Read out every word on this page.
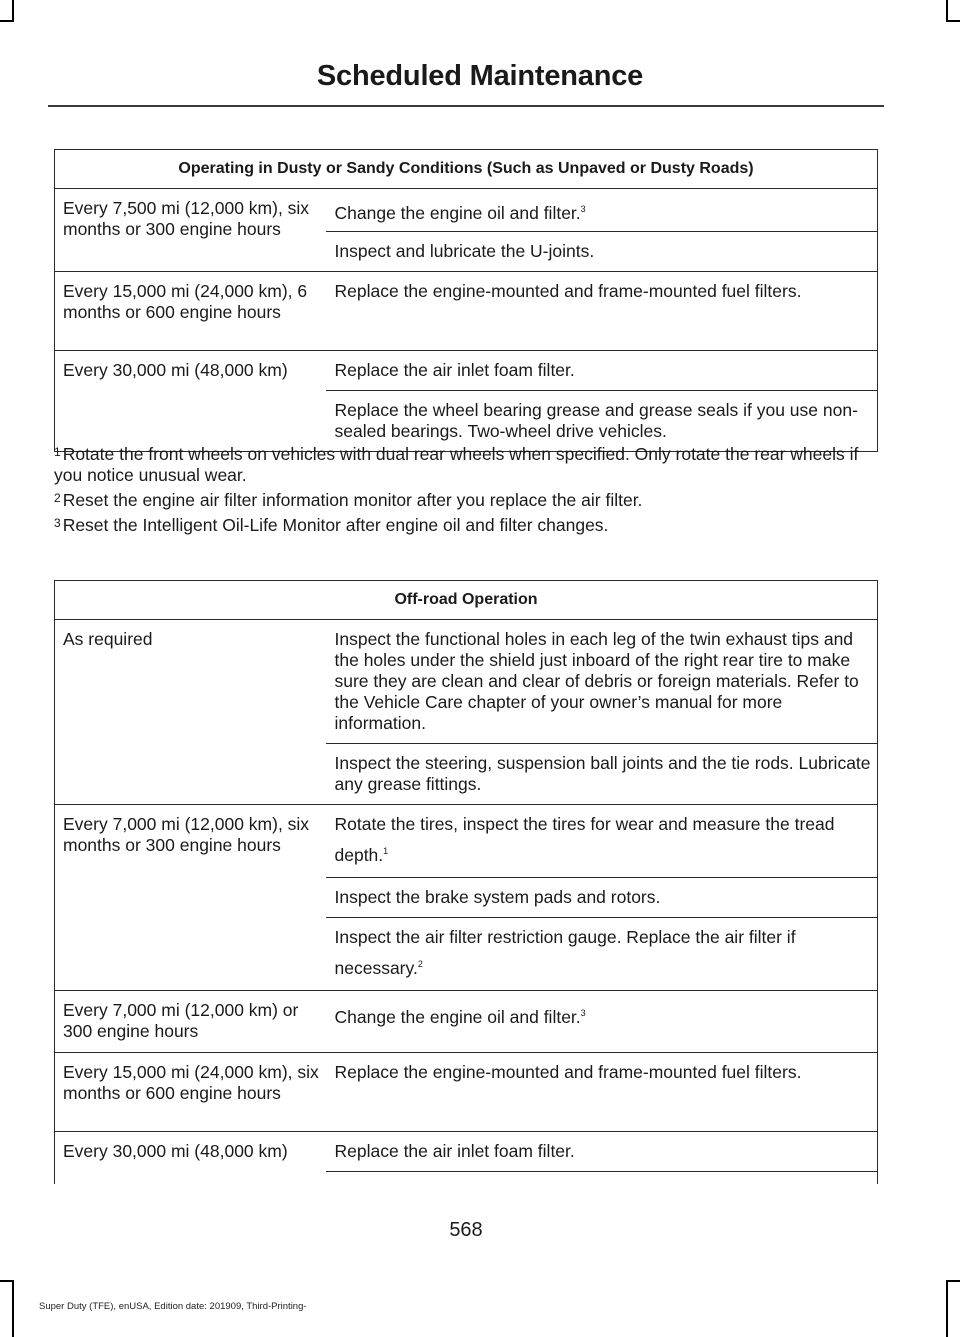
Scheduled Maintenance
Operating in Dusty or Sandy Conditions (Such as Unpaved or Dusty Roads)	
Every 7,500 mi (12,000 km), six months or 300 engine hours	Change the engine oil and filter.$^3$
	Inspect and lubricate the U-joints.
Every 15,000 mi (24,000 km), 6 months or 600 engine hours	Replace the engine-mounted and frame-mounted fuel filters.
Every 30,000 mi (48,000 km)	Replace the air inlet foam filter.
	Replace the wheel bearing grease and grease seals if you use non-sealed bearings. Two-wheel drive vehicles.
$^1$ Rotate the front wheels on vehicles with dual rear wheels when specified. Only rotate the rear wheels if you notice unusual wear.
$^2$ Reset the engine air filter information monitor after you replace the air filter.
$^3$ Reset the Intelligent Oil-Life Monitor after engine oil and filter changes.
Off-road Operation	
As required	Inspect the functional holes in each leg of the twin exhaust tips and the holes under the shield just inboard of the right rear tire to make sure they are clean and clear of debris or foreign materials. Refer to the Vehicle Care chapter of your owner’s manual for more information.
	Inspect the steering, suspension ball joints and the tie rods. Lubricate any grease fittings.
Every 7,000 mi (12,000 km), six months or 300 engine hours	Rotate the tires, inspect the tires for wear and measure the tread depth.$^1$
	Inspect the brake system pads and rotors.
	Inspect the air filter restriction gauge. Replace the air filter if necessary.$^2$
Every 7,000 mi (12,000 km) or 300 engine hours	Change the engine oil and filter.$^3$
Every 15,000 mi (24,000 km), six months or 600 engine hours	Replace the engine-mounted and frame-mounted fuel filters.
Every 30,000 mi (48,000 km)	Replace the air inlet foam filter.

568
Super Duty (TFE), enUSA, Edition date: 201909, Third-Printing-
